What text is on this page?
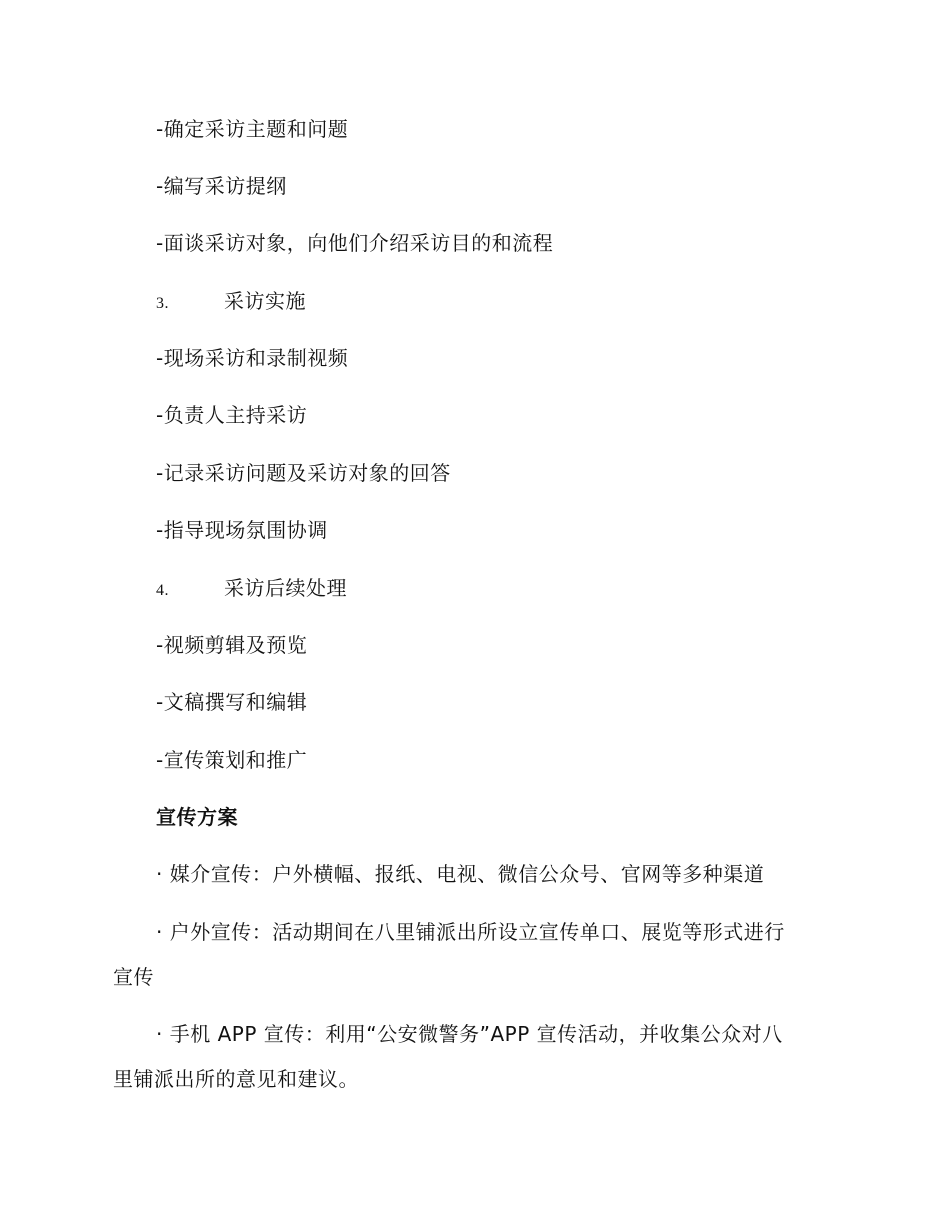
-确定采访主题和问题
-编写采访提纲
-面谈采访对象，向他们介绍采访目的和流程
3.	采访实施
-现场采访和录制视频
-负责人主持采访
-记录采访问题及采访对象的回答
-指导现场氛围协调
4.	采访后续处理
-视频剪辑及预览
-文稿撰写和编辑
-宣传策划和推广
宣传方案
· 媒介宣传：户外横幅、报纸、电视、微信公众号、官网等多种渠道
· 户外宣传：活动期间在八里铺派出所设立宣传单口、展览等形式进行
宣传
· 手机 APP 宣传：利用“公安微警务”APP 宣传活动，并收集公众对八
里铺派出所的意见和建议。
